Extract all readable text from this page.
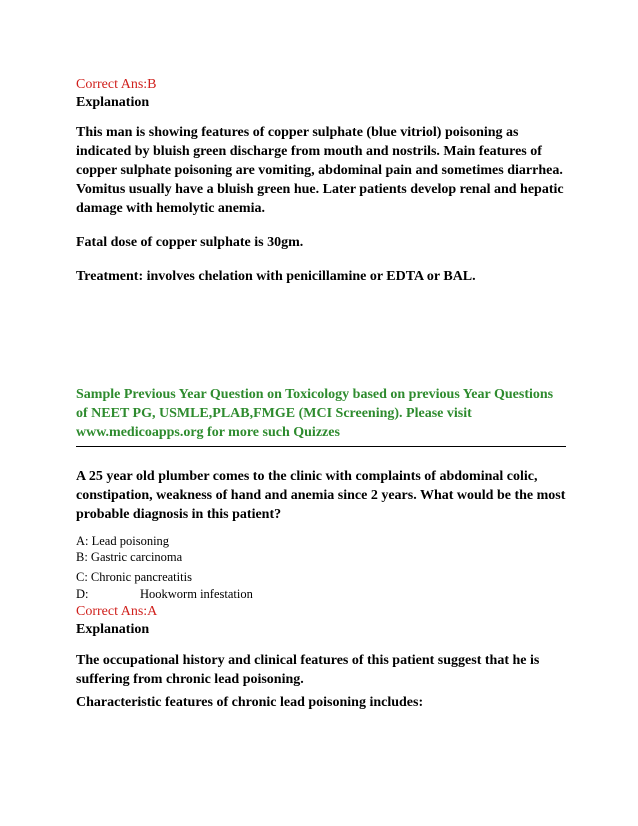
Correct Ans:B
Explanation
This man is showing features of copper sulphate (blue vitriol) poisoning as indicated by bluish green discharge from mouth and nostrils. Main features of copper sulphate poisoning are vomiting, abdominal pain and sometimes diarrhea. Vomitus usually have a bluish green hue. Later patients develop renal and hepatic damage with hemolytic anemia.
Fatal dose of copper sulphate is 30gm.
Treatment: involves chelation with penicillamine or EDTA or BAL.
Sample Previous Year Question on Toxicology based on previous Year Questions of NEET PG, USMLE,PLAB,FMGE (MCI Screening). Please visit www.medicoapps.org for more such Quizzes
A 25 year old plumber comes to the clinic with complaints of abdominal colic, constipation, weakness of hand and anemia since 2 years. What would be the most probable diagnosis in this patient?
A: Lead poisoning
B: Gastric carcinoma
C: Chronic pancreatitis
D:	Hookworm infestation
Correct Ans:A
Explanation
The occupational history and clinical features of this patient suggest that he is suffering from chronic lead poisoning.
Characteristic features of chronic lead poisoning includes:
